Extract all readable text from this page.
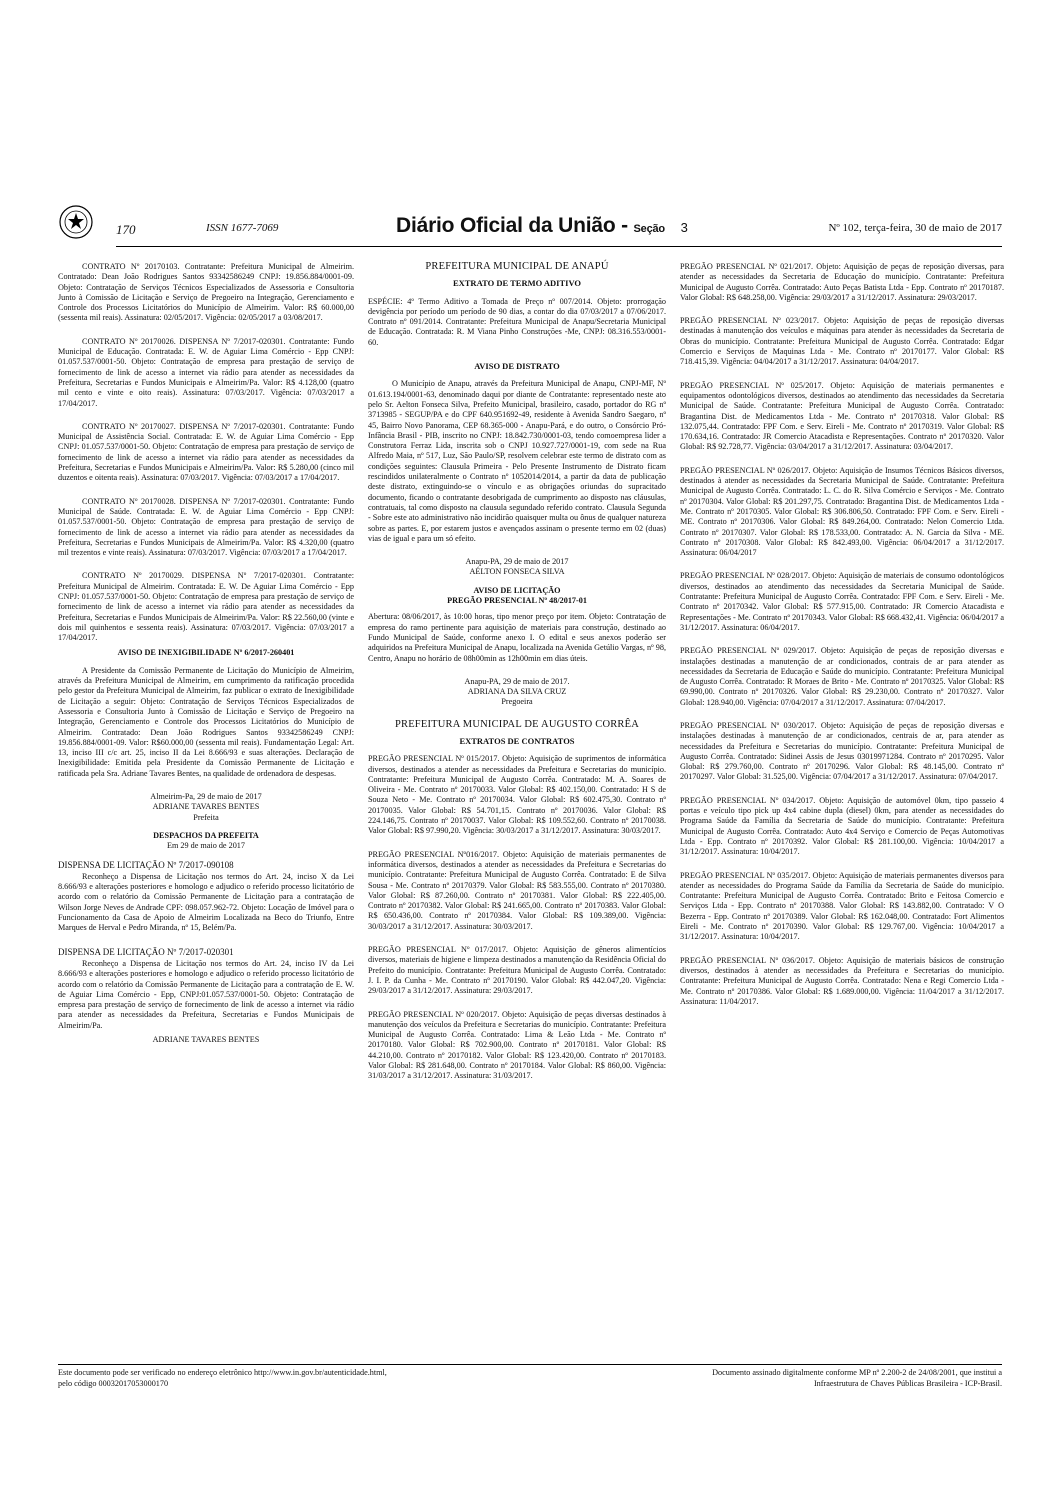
170	ISSN 1677-7069	Diário Oficial da União - Seção 3	Nº 102, terça-feira, 30 de maio de 2017

CONTRATO Nº 20170103. Contratante: Prefeitura Municipal de Almeirim. Contratado: Dean João Rodrigues Santos 93342586249 CNPJ: 19.856.884/0001-09. Objeto: Contratação de Serviços Técnicos Especializados de Assessoria e Consultoria Junto à Comissão de Licitação e Serviço de Pregoeiro na Integração, Gerenciamento e Controle dos Processos Licitatórios do Município de Almeirim. Valor: R$ 60.000,00 (sessenta mil reais). Assinatura: 02/05/2017. Vigência: 02/05/2017 a 03/08/2017.

CONTRATO Nº 20170026. DISPENSA Nº 7/2017-020301. Contratante: Fundo Municipal de Educação. Contratada: E. W. de Aguiar Lima Comércio - Epp CNPJ: 01.057.537/0001-50. Objeto: Contratação de empresa para prestação de serviço de fornecimento de link de acesso a internet via rádio para atender as necessidades da Prefeitura, Secretarias e Fundos Municipais e Almeirim/Pa. Valor: R$ 4.128,00 (quatro mil cento e vinte e oito reais). Assinatura: 07/03/2017. Vigência: 07/03/2017 a 17/04/2017.

CONTRATO Nº 20170027. DISPENSA Nº 7/2017-020301. Contratante: Fundo Municipal de Assistência Social. Contratada: E. W. de Aguiar Lima Comércio - Epp CNPJ: 01.057.537/0001-50. Objeto: Contratação de empresa para prestação de serviço de fornecimento de link de acesso a internet via rádio para atender as necessidades da Prefeitura, Secretarias e Fundos Municipais e Almeirim/Pa. Valor: R$ 5.280,00 (cinco mil duzentos e oitenta reais). Assinatura: 07/03/2017. Vigência: 07/03/2017 a 17/04/2017.

CONTRATO Nº 20170028. DISPENSA Nº 7/2017-020301. Contratante: Fundo Municipal de Saúde. Contratada: E. W. de Aguiar Lima Comércio - Epp CNPJ: 01.057.537/0001-50. Objeto: Contratação de empresa para prestação de serviço de fornecimento de link de acesso a internet via rádio para atender as necessidades da Prefeitura, Secretarias e Fundos Municipais de Almeirim/Pa. Valor: R$ 4.320,00 (quatro mil trezentos e vinte reais). Assinatura: 07/03/2017. Vigência: 07/03/2017 a 17/04/2017.

CONTRATO Nº 20170029. DISPENSA Nº 7/2017-020301. Contratante: Prefeitura Municipal de Almeirim. Contratada: E. W. De Aguiar Lima Comércio - Epp CNPJ: 01.057.537/0001-50. Objeto: Contratação de empresa para prestação de serviço de fornecimento de link de acesso a internet via rádio para atender as necessidades da Prefeitura, Secretarias e Fundos Municipais de Almeirim/Pa. Valor: R$ 22.560,00 (vinte e dois mil quinhentos e sessenta reais). Assinatura: 07/03/2017. Vigência: 07/03/2017 a 17/04/2017.

AVISO DE INEXIGIBILIDADE Nº 6/2017-260401

A Presidente da Comissão Permanente de Licitação do Município de Almeirim, através da Prefeitura Municipal de Almeirim, em cumprimento da ratificação procedida pelo gestor da Prefeitura Municipal de Almeirim, faz publicar o extrato de Inexigibilidade de Licitação a seguir: Objeto: Contratação de Serviços Técnicos Especializados de Assessoria e Consultoria Junto à Comissão de Licitação e Serviço de Pregoeiro na Integração, Gerenciamento e Controle dos Processos Licitatórios do Município de Almeirim. Contratado: Dean João Rodrigues Santos 93342586249 CNPJ: 19.856.884/0001-09. Valor: R$60.000,00 (sessenta mil reais). Fundamentação Legal: Art. 13, inciso III c/c art. 25, inciso II da Lei 8.666/93 e suas alterações. Declaração de Inexigibilidade: Emitida pela Presidente da Comissão Permanente de Licitação e ratificada pela Sra. Adriane Tavares Bentes, na qualidade de ordenadora de despesas.

Almeirim-Pa, 29 de maio de 2017

ADRIANE TAVARES BENTES

Prefeita

DESPACHOS DA PREFEITA

Em 29 de maio de 2017

DISPENSA DE LICITAÇÃO Nº 7/2017-090108

Reconheço a Dispensa de Licitação nos termos do Art. 24, inciso X da Lei 8.666/93 e alterações posteriores e homologo e adjudico o referido processo licitatório de acordo com o relatório da Comissão Permanente de Licitação para a contratação de Wilson Jorge Neves de Andrade CPF: 098.057.962-72. Objeto: Locação de Imóvel para o Funcionamento da Casa de Apoio de Almeirim Localizada na Beco do Triunfo, Entre Marques de Herval e Pedro Miranda, nº 15, Belém/Pa.

DISPENSA DE LICITAÇÃO Nº 7/2017-020301

Reconheço a Dispensa de Licitação nos termos do Art. 24, inciso IV da Lei 8.666/93 e alterações posteriores e homologo e adjudico o referido processo licitatório de acordo com o relatório da Comissão Permanente de Licitação para a contratação de E. W. de Aguiar Lima Comércio - Epp, CNPJ:01.057.537/0001-50. Objeto: Contratação de empresa para prestação de serviço de fornecimento de link de acesso a internet via rádio para atender as necessidades da Prefeitura, Secretarias e Fundos Municipais de Almeirim/Pa.

ADRIANE TAVARES BENTES

PREFEITURA MUNICIPAL DE ANAPÚ

EXTRATO DE TERMO ADITIVO

ESPÉCIE: 4º Termo Aditivo a Tomada de Preço nº 007/2014. Objeto: prorrogação devigência por período um período de 90 dias, a contar do dia 07/03/2017 a 07/06/2017. Contrato nº 091/2014. Contratante: Prefeitura Municipal de Anapu/Secretaria Municipal de Educação. Contratada: R. M Viana Pinho Construções -Me, CNPJ: 08.316.553/0001-60.

AVISO DE DISTRATO

O Município de Anapu, através da Prefeitura Municipal de Anapu, CNPJ-MF, Nº 01.613.194/0001-63, denominado daqui por diante de Contratante: representado neste ato pelo Sr. Aelton Fonseca Silva, Prefeito Municipal, brasileiro, casado, portador do RG nº 3713985 - SEGUP/PA e do CPF 640.951692-49, residente à Avenida Sandro Saegaro, nº 45, Bairro Novo Panorama, CEP 68.365-000 - Anapu-Pará, e do outro, o Consórcio Pró-Infância Brasil - PIB, inscrito no CNPJ: 18.842.730/0001-03, tendo comoempresa lider a Construtora Ferraz Lida, inscrita sob o CNPJ 10.927.727/0001-19, com sede na Rua Alfredo Maia, nº 517, Luz, São Paulo/SP, resolvem celebrar este termo de distrato com as condições seguintes: Clausula Primeira - Pelo Presente Instrumento de Distrato ficam rescindidos unilateralmente o Contrato nº 1052014/2014, a partir da data de publicação deste distrato, extinguindo-se o vínculo e as obrigações oriundas do supracitado documento, ficando o contratante desobrigada de cumprimento ao disposto nas cláusulas, contratuais, tal como disposto na clausula segundado referido contrato. Clausula Segunda - Sobre este ato administrativo não incidirão quaisquer multa ou ônus de qualquer natureza sobre as partes. E, por estarem justos e avençados assinam o presente termo em 02 (duas) vias de igual e para um só efeito.

Anapu-PA, 29 de maio de 2017

AÉLTON FONSECA SILVA

AVISO DE LICITAÇÃO

PREGÃO PRESENCIAL Nº 48/2017-01

Abertura: 08/06/2017, às 10:00 horas, tipo menor preço por item. Objeto: Contratação de empresa do ramo pertinente para aquisição de materiais para construção, destinado ao Fundo Municipal de Saúde, conforme anexo I. O edital e seus anexos poderão ser adquiridos na Prefeitura Municipal de Anapu, localizada na Avenida Getúlio Vargas, nº 98, Centro, Anapu no horário de 08h00min as 12h00min em dias úteis.

Anapu-PA, 29 de maio de 2017.

ADRIANA DA SILVA CRUZ

Pregoeira

PREFEITURA MUNICIPAL DE AUGUSTO CORRÊA

EXTRATOS DE CONTRATOS

PREGÃO PRESENCIAL Nº 015/2017. Objeto: Aquisição de suprimentos de informática diversos, destinados a atender as necessidades da Prefeitura e Secretarias do município. Contratante: Prefeitura Municipal de Augusto Corrêa. Contratado: M. A. Soares de Oliveira - Me. Contrato nº 20170033. Valor Global: R$ 402.150,00. Contratado: H S de Souza Neto - Me. Contrato nº 20170034. Valor Global: R$ 602.475,30. Contrato nº 20170035. Valor Global: R$ 54.701,15. Contrato nº 20170036. Valor Global: R$ 224.146,75. Contrato nº 20170037. Valor Global: R$ 109.552,60. Contrato nº 20170038. Valor Global: R$ 97.990,20. Vigência: 30/03/2017 a 31/12/2017. Assinatura: 30/03/2017.

PREGÃO PRESENCIAL Nº016/2017. Objeto: Aquisição de materiais permanentes de informática diversos, destinados a atender as necessidades da Prefeitura e Secretarias do município. Contratante: Prefeitura Municipal de Augusto Corrêa. Contratado: E de Silva Sousa - Me. Contrato nº 20170379. Valor Global: R$ 583.555,00. Contrato nº 20170380. Valor Global: R$ 87.260,00. Contrato nº 20170381. Valor Global: R$ 222.405,00. Contrato nº 20170382. Valor Global: R$ 241.665,00. Contrato nº 20170383. Valor Global: R$ 650.436,00. Contrato nº 20170384. Valor Global: R$ 109.389,00. Vigência: 30/03/2017 a 31/12/2017. Assinatura: 30/03/2017.

PREGÃO PRESENCIAL Nº 017/2017. Objeto: Aquisição de gêneros alimentícios diversos, materiais de higiene e limpeza destinados a manutenção da Residência Oficial do Prefeito do município. Contratante: Prefeitura Municipal de Augusto Corrêa. Contratado: J. I. P. da Cunha - Me. Contrato nº 20170190. Valor Global: R$ 442.047,20. Vigência: 29/03/2017 a 31/12/2017. Assinatura: 29/03/2017.

PREGÃO PRESENCIAL Nº 020/2017. Objeto: Aquisição de peças diversas destinados à manutenção dos veículos da Prefeitura e Secretarias do município. Contratante: Prefeitura Municipal de Augusto Corrêa. Contratado: Lima & Leão Ltda - Me. Contrato nº 20170180. Valor Global: R$ 702.900,00. Contrato nº 20170181. Valor Global: R$ 44.210,00. Contrato nº 20170182. Valor Global: R$ 123.420,00. Contrato nº 20170183. Valor Global: R$ 281.648,00. Contrato nº 20170184. Valor Global: R$ 860,00. Vigência: 31/03/2017 a 31/12/2017. Assinatura: 31/03/2017.

PREGÃO PRESENCIAL Nº 021/2017. Objeto: Aquisição de peças de reposição diversas, para atender as necessidades da Secretaria de Educação do município. Contratante: Prefeitura Municipal de Augusto Corrêa. Contratado: Auto Peças Batista Ltda - Epp. Contrato nº 20170187. Valor Global: R$ 648.258,00. Vigência: 29/03/2017 a 31/12/2017. Assinatura: 29/03/2017.

PREGÃO PRESENCIAL Nº 023/2017. Objeto: Aquisição de peças de reposição diversas destinadas à manutenção dos veículos e máquinas para atender às necessidades da Secretaria de Obras do município. Contratante: Prefeitura Municipal de Augusto Corrêa. Contratado: Edgar Comercio e Serviços de Maquinas Ltda - Me. Contrato nº 20170177. Valor Global: R$ 718.415,39. Vigência: 04/04/2017 a 31/12/2017. Assinatura: 04/04/2017.

PREGÃO PRESENCIAL Nº 025/2017. Objeto: Aquisição de materiais permanentes e equipamentos odontológicos diversos, destinados ao atendimento das necessidades da Secretaria Municipal de Saúde. Contratante: Prefeitura Municipal de Augusto Corrêa. Contratado: Bragantina Dist. de Medicamentos Ltda - Me. Contrato nº 20170318. Valor Global: R$ 132.075,44. Contratado: FPF Com. e Serv. Eireli - Me. Contrato nº 20170319. Valor Global: R$ 170.634,16. Contratado: JR Comercio Atacadista e Representações. Contrato nº 20170320. Valor Global: R$ 92.728,77. Vigência: 03/04/2017 a 31/12/2017. Assinatura: 03/04/2017.

PREGÃO PRESENCIAL Nº 026/2017. Objeto: Aquisição de Insumos Técnicos Básicos diversos, destinados à atender as necessidades da Secretaria Municipal de Saúde. Contratante: Prefeitura Municipal de Augusto Corrêa. Contratado: L. C. do R. Silva Comércio e Serviços - Me. Contrato nº 20170304. Valor Global: R$ 201.297,75. Contratado: Bragantina Dist. de Medicamentos Ltda - Me. Contrato nº 20170305. Valor Global: R$ 306.806,50. Contratado: FPF Com. e Serv. Eireli - ME. Contrato nº 20170306. Valor Global: R$ 849.264,00. Contratado: Nelon Comercio Ltda. Contrato nº 20170307. Valor Global: R$ 178.533,00. Contratado: A. N. Garcia da Silva - ME. Contrato nº 20170308. Valor Global: R$ 842.493,00. Vigência: 06/04/2017 a 31/12/2017. Assinatura: 06/04/2017

PREGÃO PRESENCIAL Nº 028/2017. Objeto: Aquisição de materiais de consumo odontológicos diversos, destinados ao atendimento das necessidades da Secretaria Municipal de Saúde. Contratante: Prefeitura Municipal de Augusto Corrêa. Contratado: FPF Com. e Serv. Eireli - Me. Contrato nº 20170342. Valor Global: R$ 577.915,00. Contratado: JR Comercio Atacadista e Representações - Me. Contrato nº 20170343. Valor Global: R$ 668.432,41. Vigência: 06/04/2017 a 31/12/2017. Assinatura: 06/04/2017.

PREGÃO PRESENCIAL Nº 029/2017. Objeto: Aquisição de peças de reposição diversas e instalações destinadas a manutenção de ar condicionados, contrais de ar para atender as necessidades da Secretaria de Educação e Saúde do município. Contratante: Prefeitura Municipal de Augusto Corrêa. Contratado: R Moraes de Brito - Me. Contrato nº 20170325. Valor Global: R$ 69.990,00. Contrato nº 20170326. Valor Global: R$ 29.230,00. Contrato nº 20170327. Valor Global: 128.940,00. Vigência: 07/04/2017 a 31/12/2017. Assinatura: 07/04/2017.

PREGÃO PRESENCIAL Nº 030/2017. Objeto: Aquisição de peças de reposição diversas e instalações destinadas à manutenção de ar condicionados, centrais de ar, para atender as necessidades da Prefeitura e Secretarias do município. Contratante: Prefeitura Municipal de Augusto Corrêa. Contratado: Sidinei Assis de Jesus 03019971284. Contrato nº 20170295. Valor Global: R$ 279.760,00. Contrato nº 20170296. Valor Global: R$ 48.145,00. Contrato nº 20170297. Valor Global: 31.525,00. Vigência: 07/04/2017 a 31/12/2017. Assinatura: 07/04/2017.

PREGÃO PRESENCIAL Nº 034/2017. Objeto: Aquisição de automóvel 0km, tipo passeio 4 portas e veículo tipo pick up 4x4 cabine dupla (diesel) 0km, para atender as necessidades do Programa Saúde da Família da Secretaria de Saúde do município. Contratante: Prefeitura Municipal de Augusto Corrêa. Contratado: Auto 4x4 Serviço e Comercio de Peças Automotivas Ltda - Epp. Contrato nº 20170392. Valor Global: R$ 281.100,00. Vigência: 10/04/2017 a 31/12/2017. Assinatura: 10/04/2017.

PREGÃO PRESENCIAL Nº 035/2017. Objeto: Aquisição de materiais permanentes diversos para atender as necessidades do Programa Saúde da Família da Secretaria de Saúde do município. Contratante: Prefeitura Municipal de Augusto Corrêa. Contratado: Brito e Feitosa Comercio e Serviços Ltda - Epp. Contrato nº 20170388. Valor Global: R$ 143.882,00. Contratado: V O Bezerra - Epp. Contrato nº 20170389. Valor Global: R$ 162.048,00. Contratado: Fort Alimentos Eireli - Me. Contrato nº 20170390. Valor Global: R$ 129.767,00. Vigência: 10/04/2017 a 31/12/2017. Assinatura: 10/04/2017.

PREGÃO PRESENCIAL Nº 036/2017. Objeto: Aquisição de materiais básicos de construção diversos, destinados à atender as necessidades da Prefeitura e Secretarias do município. Contratante: Prefeitura Municipal de Augusto Corrêa. Contratado: Nena e Regi Comercio Ltda - Me. Contrato nº 20170386. Valor Global: R$ 1.689.000,00. Vigência: 11/04/2017 a 31/12/2017. Assinatura: 11/04/2017.

Este documento pode ser verificado no endereço eletrônico http://www.in.gov.br/autenticidade.html,
pelo código 00032017053000170
Documento assinado digitalmente conforme MP nº 2.200-2 de 24/08/2001, que institui a
Infraestrutura de Chaves Públicas Brasileira - ICP-Brasil.
